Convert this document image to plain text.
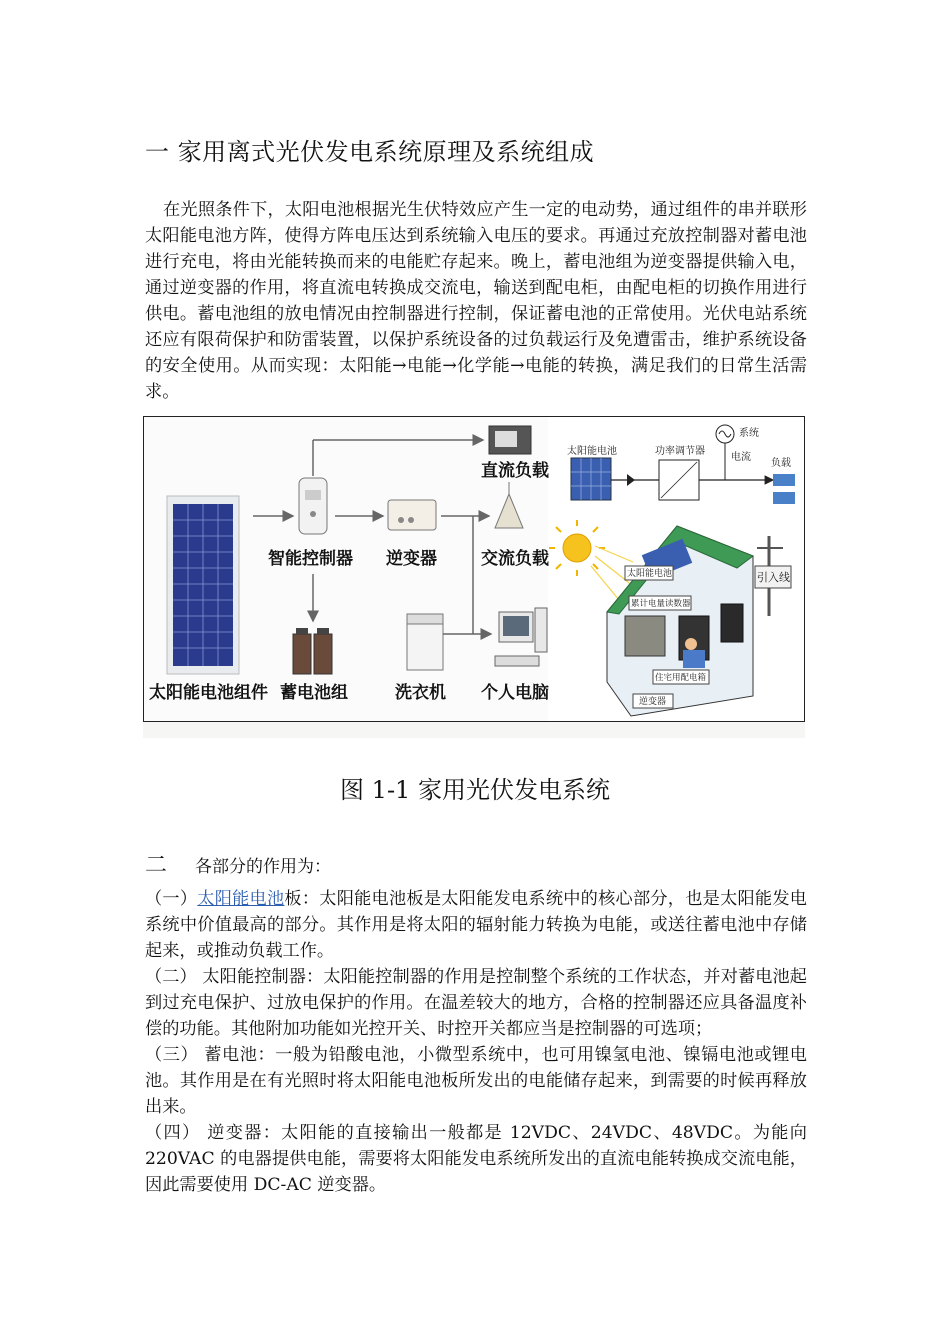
一 家用离式光伏发电系统原理及系统组成

在光照条件下，太阳电池根据光生伏特效应产生一定的电动势，通过组件的串并联形太阳能电池方阵，使得方阵电压达到系统输入电压的要求。再通过充放控制器对蓄电池进行充电，将由光能转换而来的电能贮存起来。晚上，蓄电池组为逆变器提供输入电，通过逆变器的作用，将直流电转换成交流电，输送到配电柜，由配电柜的切换作用进行供电。蓄电池组的放电情况由控制器进行控制，保证蓄电池的正常使用。光伏电站系统还应有限荷保护和防雷装置，以保护系统设备的过负载运行及免遭雷击，维护系统设备的安全使用。从而实现：太阳能→电能→化学能→电能的转换，满足我们的日常生活需求。

太阳能电池组件
智能控制器 逆变器
直流负载
交流负载
蓄电池组	洗衣机 个人电脑
太阳能电池	功率调节器
系统
电流
负载
太阳能电池
累计电量读数器
住宅用配电箱
逆变器
引入线
图 1-1 家用光伏发电系统
二 各部分的作用为：

（一）太阳能电池板：太阳能电池板是太阳能发电系统中的核心部分，也是太阳能发电系统中价值最高的部分。其作用是将太阳的辐射能力转换为电能，或送往蓄电池中存储起来，或推动负载工作。

（二） 太阳能控制器：太阳能控制器的作用是控制整个系统的工作状态，并对蓄电池起到过充电保护、过放电保护的作用。在温差较大的地方，合格的控制器还应具备温度补偿的功能。其他附加功能如光控开关、时控开关都应当是控制器的可选项；

（三） 蓄电池：一般为铅酸电池，小微型系统中，也可用镍氢电池、镍镉电池或锂电池。其作用是在有光照时将太阳能电池板所发出的电能储存起来，到需要的时候再释放出来。

（四） 逆变器：太阳能的直接输出一般都是 12VDC、24VDC、48VDC。为能向 220VAC 的电器提供电能，需要将太阳能发电系统所发出的直流电能转换成交流电能，因此需要使用 DC-AC 逆变器。
